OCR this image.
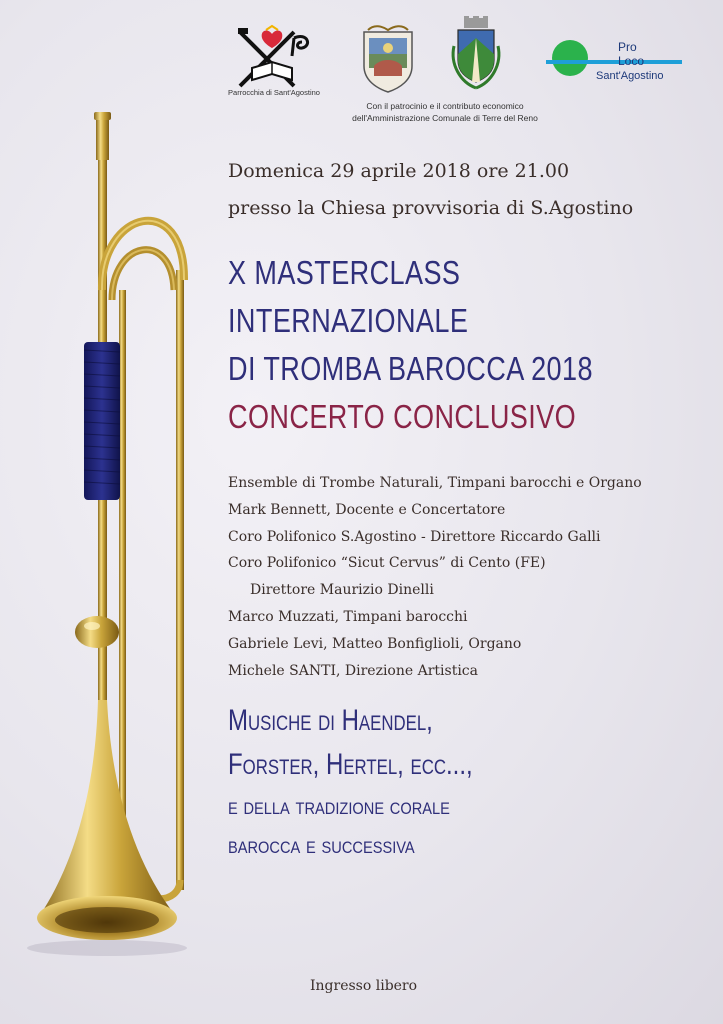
Parrocchia di Sant'Agostino
Pro
Loco
Sant'Agostino
Con il patrocinio e il contributo economico
dell'Amministrazione Comunale di Terre del Reno
Domenica 29 aprile 2018 ore 21.00
presso la Chiesa provvisoria di S.Agostino
X MASTERCLASS
INTERNAZIONALE
DI TROMBA BAROCCA 2018
CONCERTO CONCLUSIVO
Ensemble di Trombe Naturali, Timpani barocchi e Organo
Mark Bennett, Docente e Concertatore
Coro Polifonico S.Agostino - Direttore Riccardo Galli
Coro Polifonico “Sicut Cervus” di Cento (FE)
Direttore Maurizio Dinelli
Marco Muzzati, Timpani barocchi
Gabriele Levi, Matteo Bonfiglioli, Organo
Michele SANTI, Direzione Artistica
Musiche di Haendel,
Forster, Hertel, ecc...,
e della tradizione corale
barocca e successiva
Ingresso libero
